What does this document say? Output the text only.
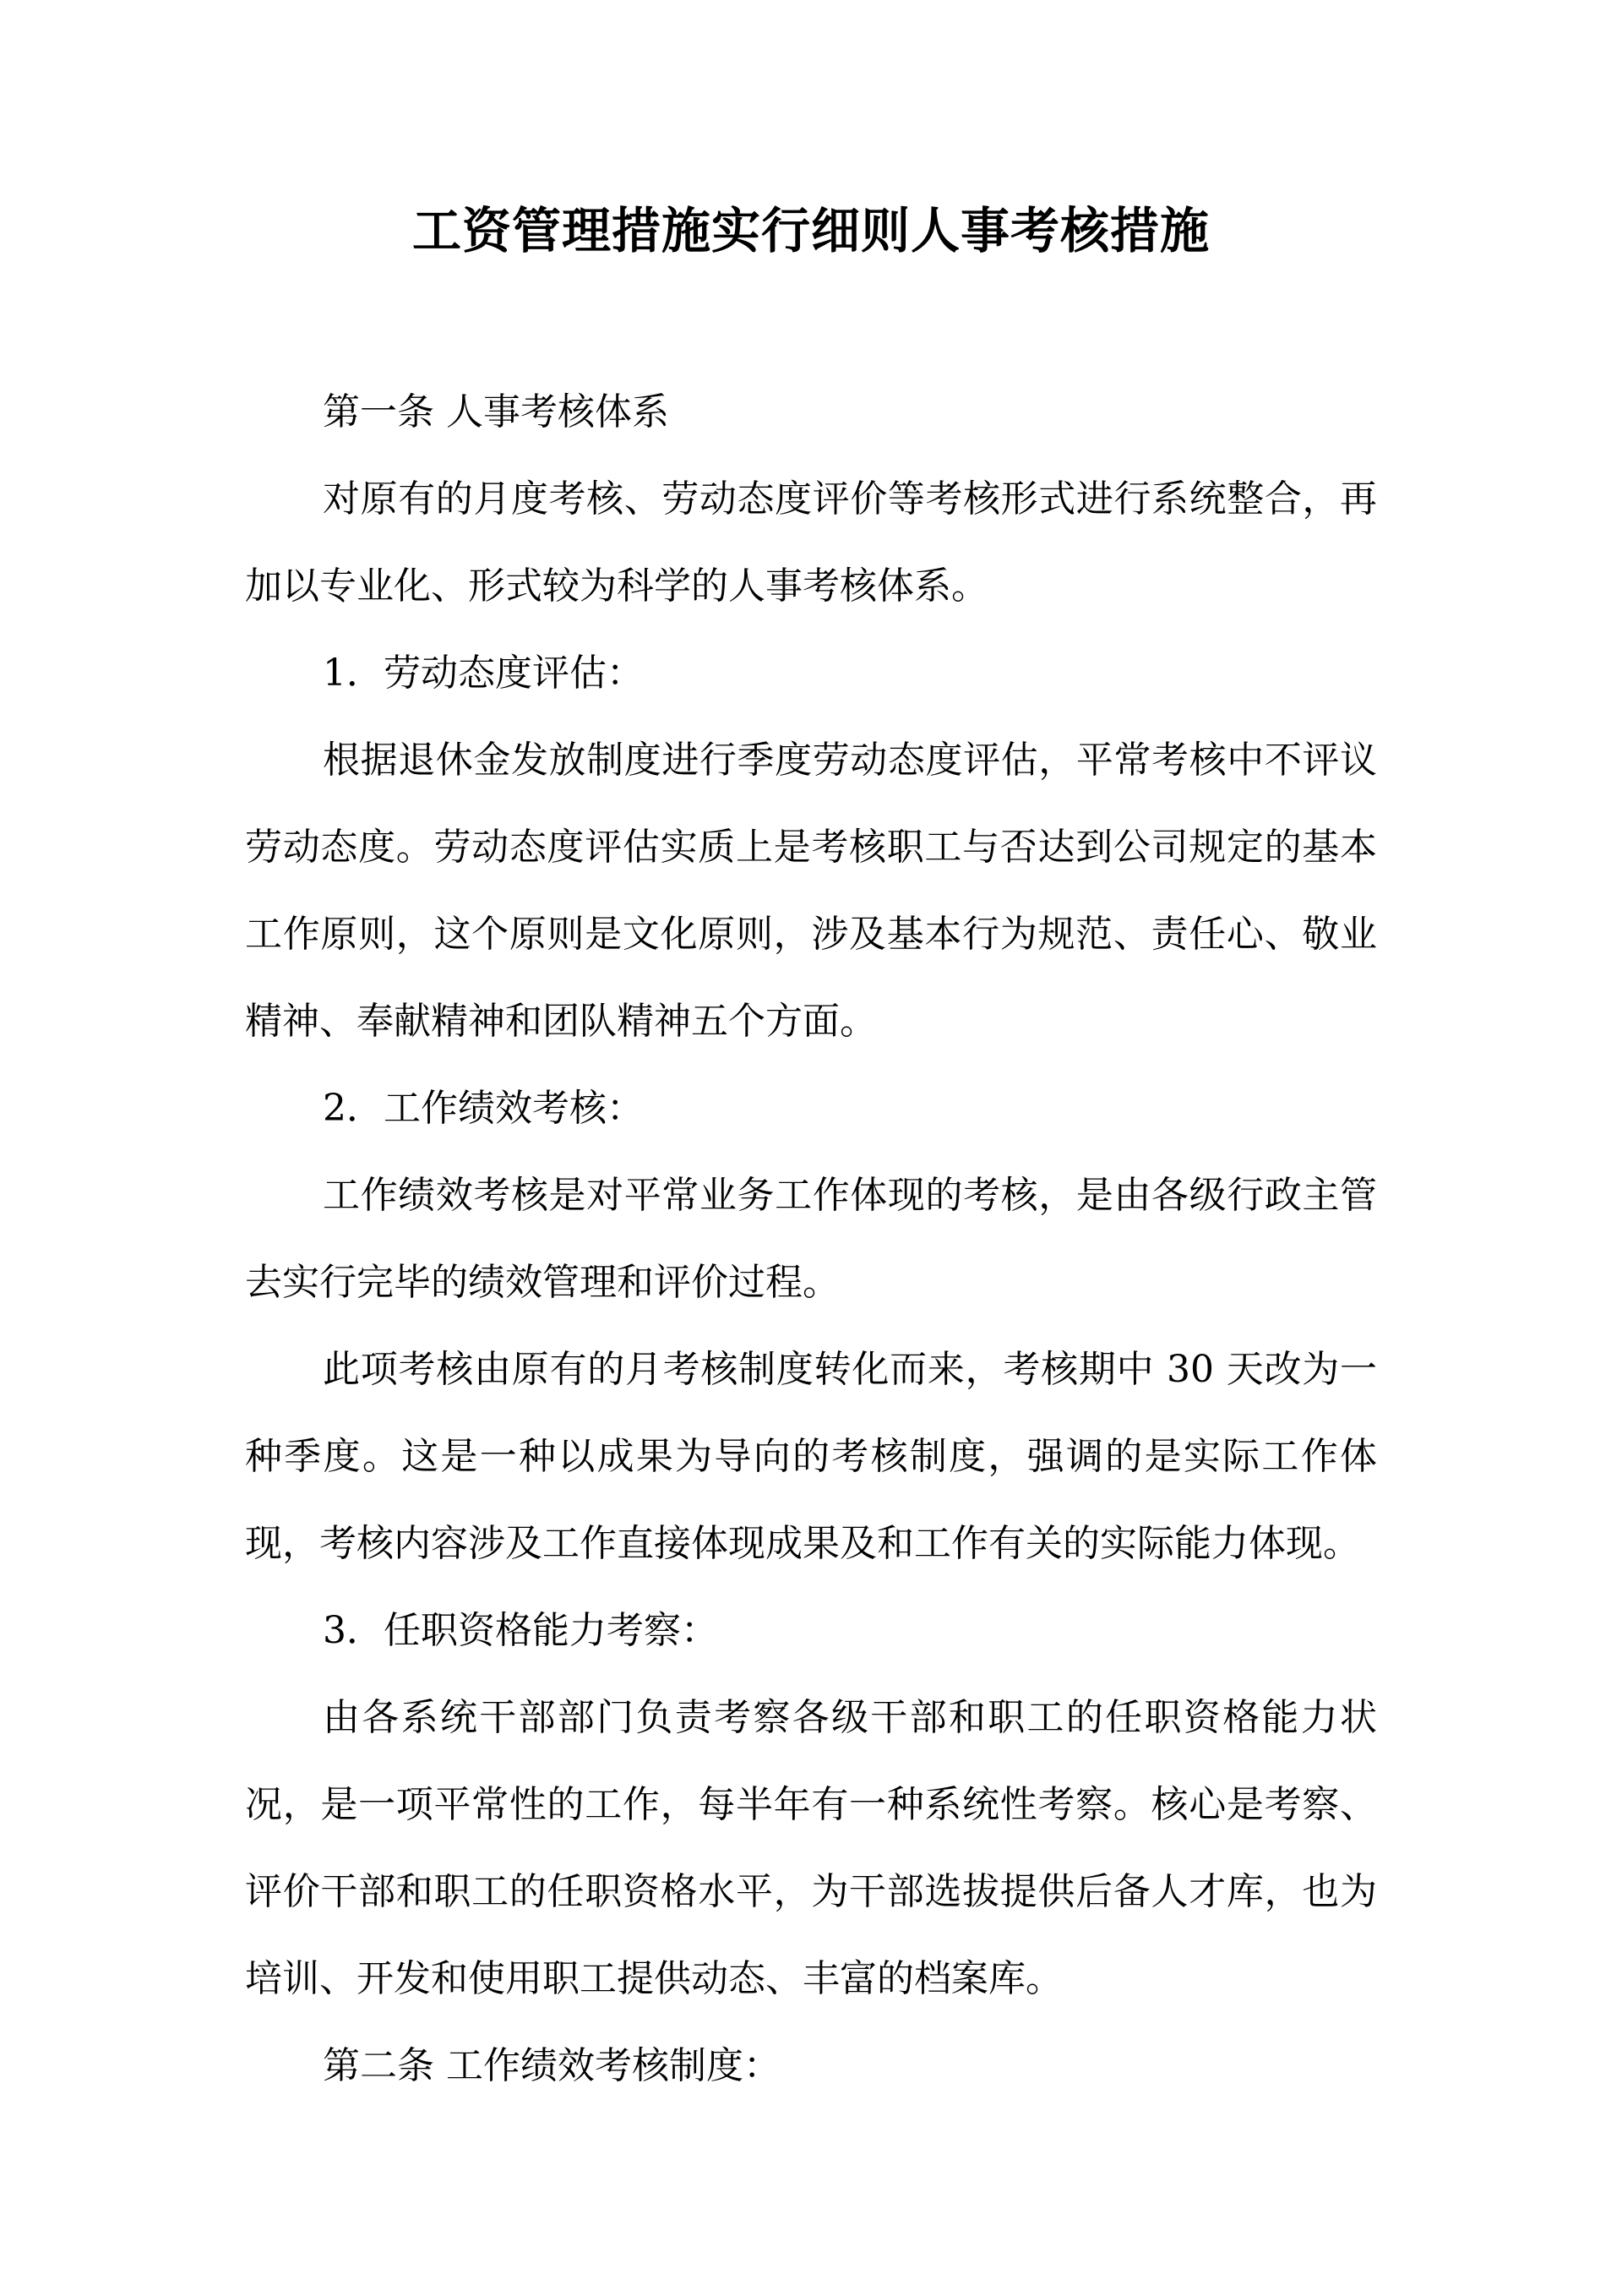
工资管理措施实行细则人事考核措施

第一条 人事考核体系

对原有的月度考核、劳动态度评价等考核形式进行系统整合，再加以专业化、形式较为科学的人事考核体系。

1．劳动态度评估：

根据退休金发放制度进行季度劳动态度评估，平常考核中不评议劳动态度。劳动态度评估实质上是考核职工与否达到公司规定的基本工作原则，这个原则是文化原则，涉及基本行为规范、责任心、敬业精神、奉献精神和团队精神五个方面。

2．工作绩效考核：

工作绩效考核是对平常业务工作体现的考核，是由各级行政主管去实行完毕的绩效管理和评价过程。

此项考核由原有的月考核制度转化而来，考核期中 30 天改为一种季度。这是一种以成果为导向的考核制度，强调的是实际工作体现，考核内容涉及工作直接体现成果及和工作有关的实际能力体现。

3．任职资格能力考察：

由各系统干部部门负责考察各级干部和职工的任职资格能力状况，是一项平常性的工作，每半年有一种系统性考察。核心是考察、评价干部和职工的任职资格水平，为干部选拔提供后备人才库，也为培训、开发和使用职工提供动态、丰富的档案库。

第二条 工作绩效考核制度：
